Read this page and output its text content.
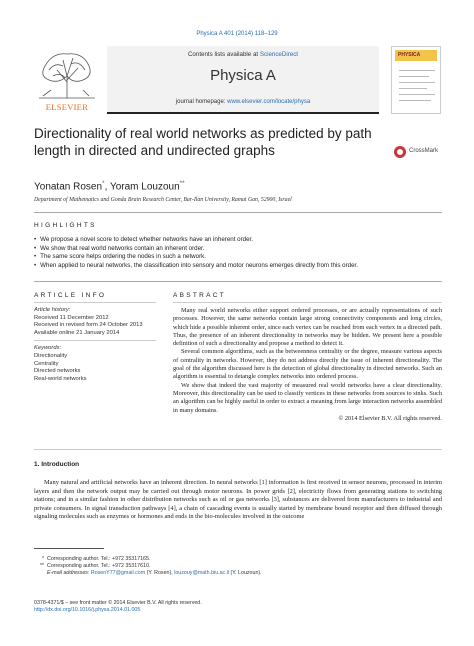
Physica A 401 (2014) 118–129
ELSEVIER
Contents lists available at ScienceDirect
Physica A
journal homepage: www.elsevier.com/locate/physa
PHYSICA
Directionality of real world networks as predicted by path length in directed and undirected graphs	CrossMark
Yonatan Rosen*, Yoram Louzoun**
Department of Mathematics and Gonda Brain Research Center, Bar-Ilan University, Ramat Gan, 52900, Israel
HIGHLIGHTS
• We propose a novel score to detect whether networks have an inherent order.
• We show that real world networks contain an inherent order.
• The same score helps ordering the nodes in such a network.
• When applied to neural networks, the classification into sensory and motor neurons emerges directly from this order.
ARTICLE INFO	ABSTRACT
Article history:
Received 11 December 2012
Received in revised form 24 October 2013
Available online 21 January 2014
Keywords:
Directionality
Centrality
Directed networks
Real-world networks

Many real world networks either support ordered processes, or are actually representations of such processes. However, the same networks contain large strong connectivity components and long circles, which hide a possible inherent order, since each vertex can be reached from each vertex in a directed path. Thus, the presence of an inherent directionality in networks may be hidden. We present here a possible definition of such a directionality and propose a method to detect it.

Several common algorithms, such as the betweenness centrality or the degree, measure various aspects of centrality in networks. However, they do not address directly the issue of inherent directionality. The goal of the algorithm discussed here is the detection of global directionality in directed networks. Such an algorithm is essential to detangle complex networks into ordered process.

We show that indeed the vast majority of measured real world networks have a clear directionality. Moreover, this directionality can be used to classify vertices in these networks from sources to sinks. Such an algorithm can be highly useful in order to extract a meaning from large interaction networks assembled in many domains.

© 2014 Elsevier B.V. All rights reserved.

1. Introduction
Many natural and artificial networks have an inherent direction. In neural networks [1] information is first received in sensor neurons, processed in interim layers and then the network output may be carried out through motor neurons. In power grids [2], electricity flows from generating stations to switching stations; and in a similar fashion in other distribution networks such as oil or gas networks [3], substances are delivered from manufacturers to industrial and private consumers. In signal transduction pathways [4], a chain of cascading events is usually started by membrane bound receptor and then diffused through signaling molecules such as enzymes or hormones and ends in the bio-molecules involved in the outcome
* Corresponding author. Tel.: +972 35317165.
** Corresponding author. Tel.: +972 35317610.
E-mail addresses: RosenY77@gmail.com (Y. Rosen), louzouy@math.biu.ac.il (Y. Louzoun).
0378-4371/$ – see front matter © 2014 Elsevier B.V. All rights reserved.
http://dx.doi.org/10.1016/j.physa.2014.01.005
